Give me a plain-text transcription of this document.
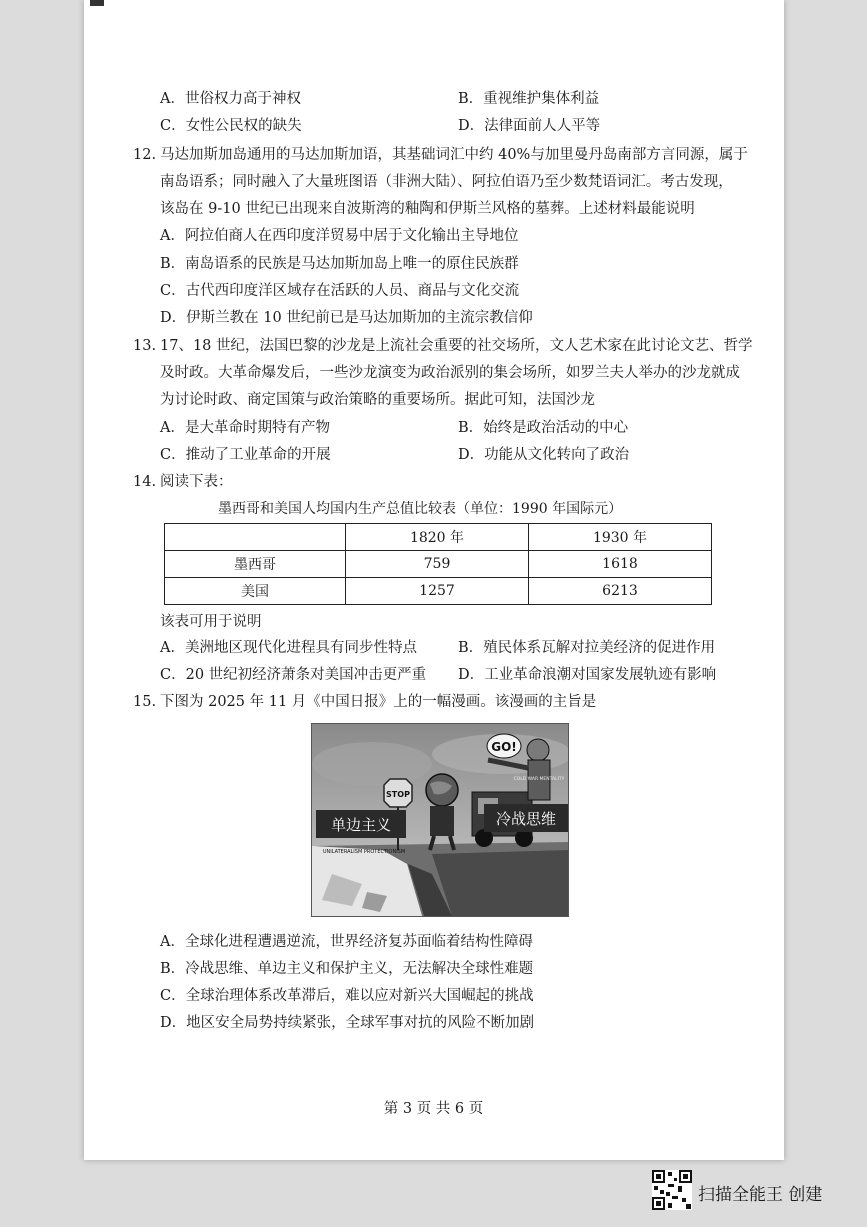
A．世俗权力高于神权	B．重视维护集体利益
C．女性公民权的缺失	D．法律面前人人平等
12. 马达加斯加岛通用的马达加斯加语，其基础词汇中约 40%与加里曼丹岛南部方言同源，属于
南岛语系；同时融入了大量班图语（非洲大陆）、阿拉伯语乃至少数梵语词汇。考古发现，
该岛在 9-10 世纪已出现来自波斯湾的釉陶和伊斯兰风格的墓葬。上述材料最能说明
A．阿拉伯商人在西印度洋贸易中居于文化输出主导地位
B．南岛语系的民族是马达加斯加岛上唯一的原住民族群
C．古代西印度洋区域存在活跃的人员、商品与文化交流
D．伊斯兰教在 10 世纪前已是马达加斯加的主流宗教信仰
13. 17、18 世纪，法国巴黎的沙龙是上流社会重要的社交场所，文人艺术家在此讨论文艺、哲学
及时政。大革命爆发后，一些沙龙演变为政治派别的集会场所，如罗兰夫人举办的沙龙就成
为讨论时政、商定国策与政治策略的重要场所。据此可知，法国沙龙
A．是大革命时期特有产物	B．始终是政治活动的中心
C．推动了工业革命的开展	D．功能从文化转向了政治
14. 阅读下表：
墨西哥和美国人均国内生产总值比较表（单位：1990 年国际元）
	1820 年	1930 年
墨西哥	759	1618
美国	1257	6213
该表可用于说明
A．美洲地区现代化进程具有同步性特点	B．殖民体系瓦解对拉美经济的促进作用
C．20 世纪初经济萧条对美国冲击更严重 D．工业革命浪潮对国家发展轨迹有影响
15. 下图为 2025 年 11 月《中国日报》上的一幅漫画。该漫画的主旨是
STOP
COLD WAR MENTALITY
GO!
单边主义	冷战思维
UNILATERALISM PROTECTIONISM
A．全球化进程遭遇逆流，世界经济复苏面临着结构性障碍
B．冷战思维、单边主义和保护主义，无法解决全球性难题
C．全球治理体系改革滞后，难以应对新兴大国崛起的挑战
D．地区安全局势持续紧张，全球军事对抗的风险不断加剧
第 3 页 共 6 页
扫描全能王 创建
